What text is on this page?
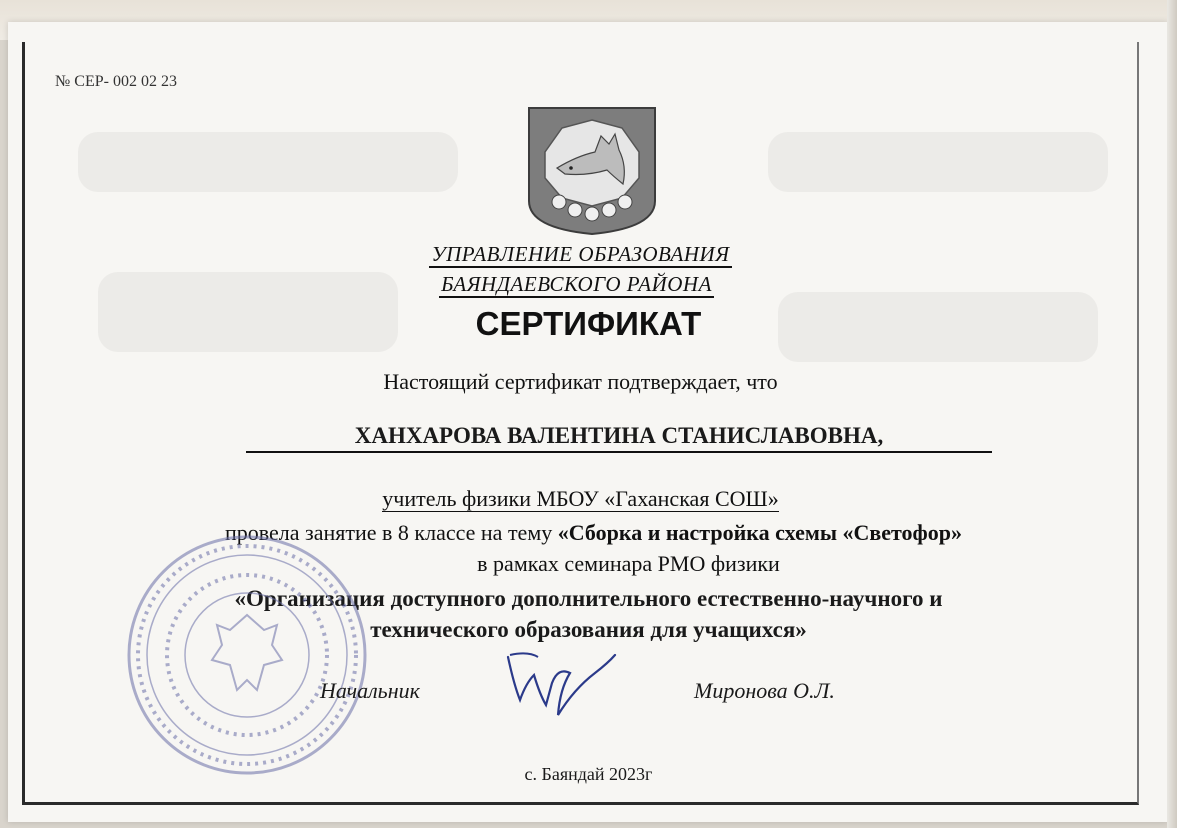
№ СЕР- 002 02 23
УПРАВЛЕНИЕ ОБРАЗОВАНИЯ
БАЯНДАЕВСКОГО РАЙОНА
СЕРТИФИКАТ
Настоящий сертификат подтверждает, что
ХАНХАРОВА ВАЛЕНТИНА СТАНИСЛАВОВНА,
учитель физики МБОУ «Гаханская СОШ»
провела занятие в 8 классе на тему «Сборка и настройка схемы «Светофор»
в рамках семинара РМО физики
«Организация доступного дополнительного естественно-научного и
технического образования для учащихся»
Начальник	Миронова О.Л.
с. Баяндай 2023г
